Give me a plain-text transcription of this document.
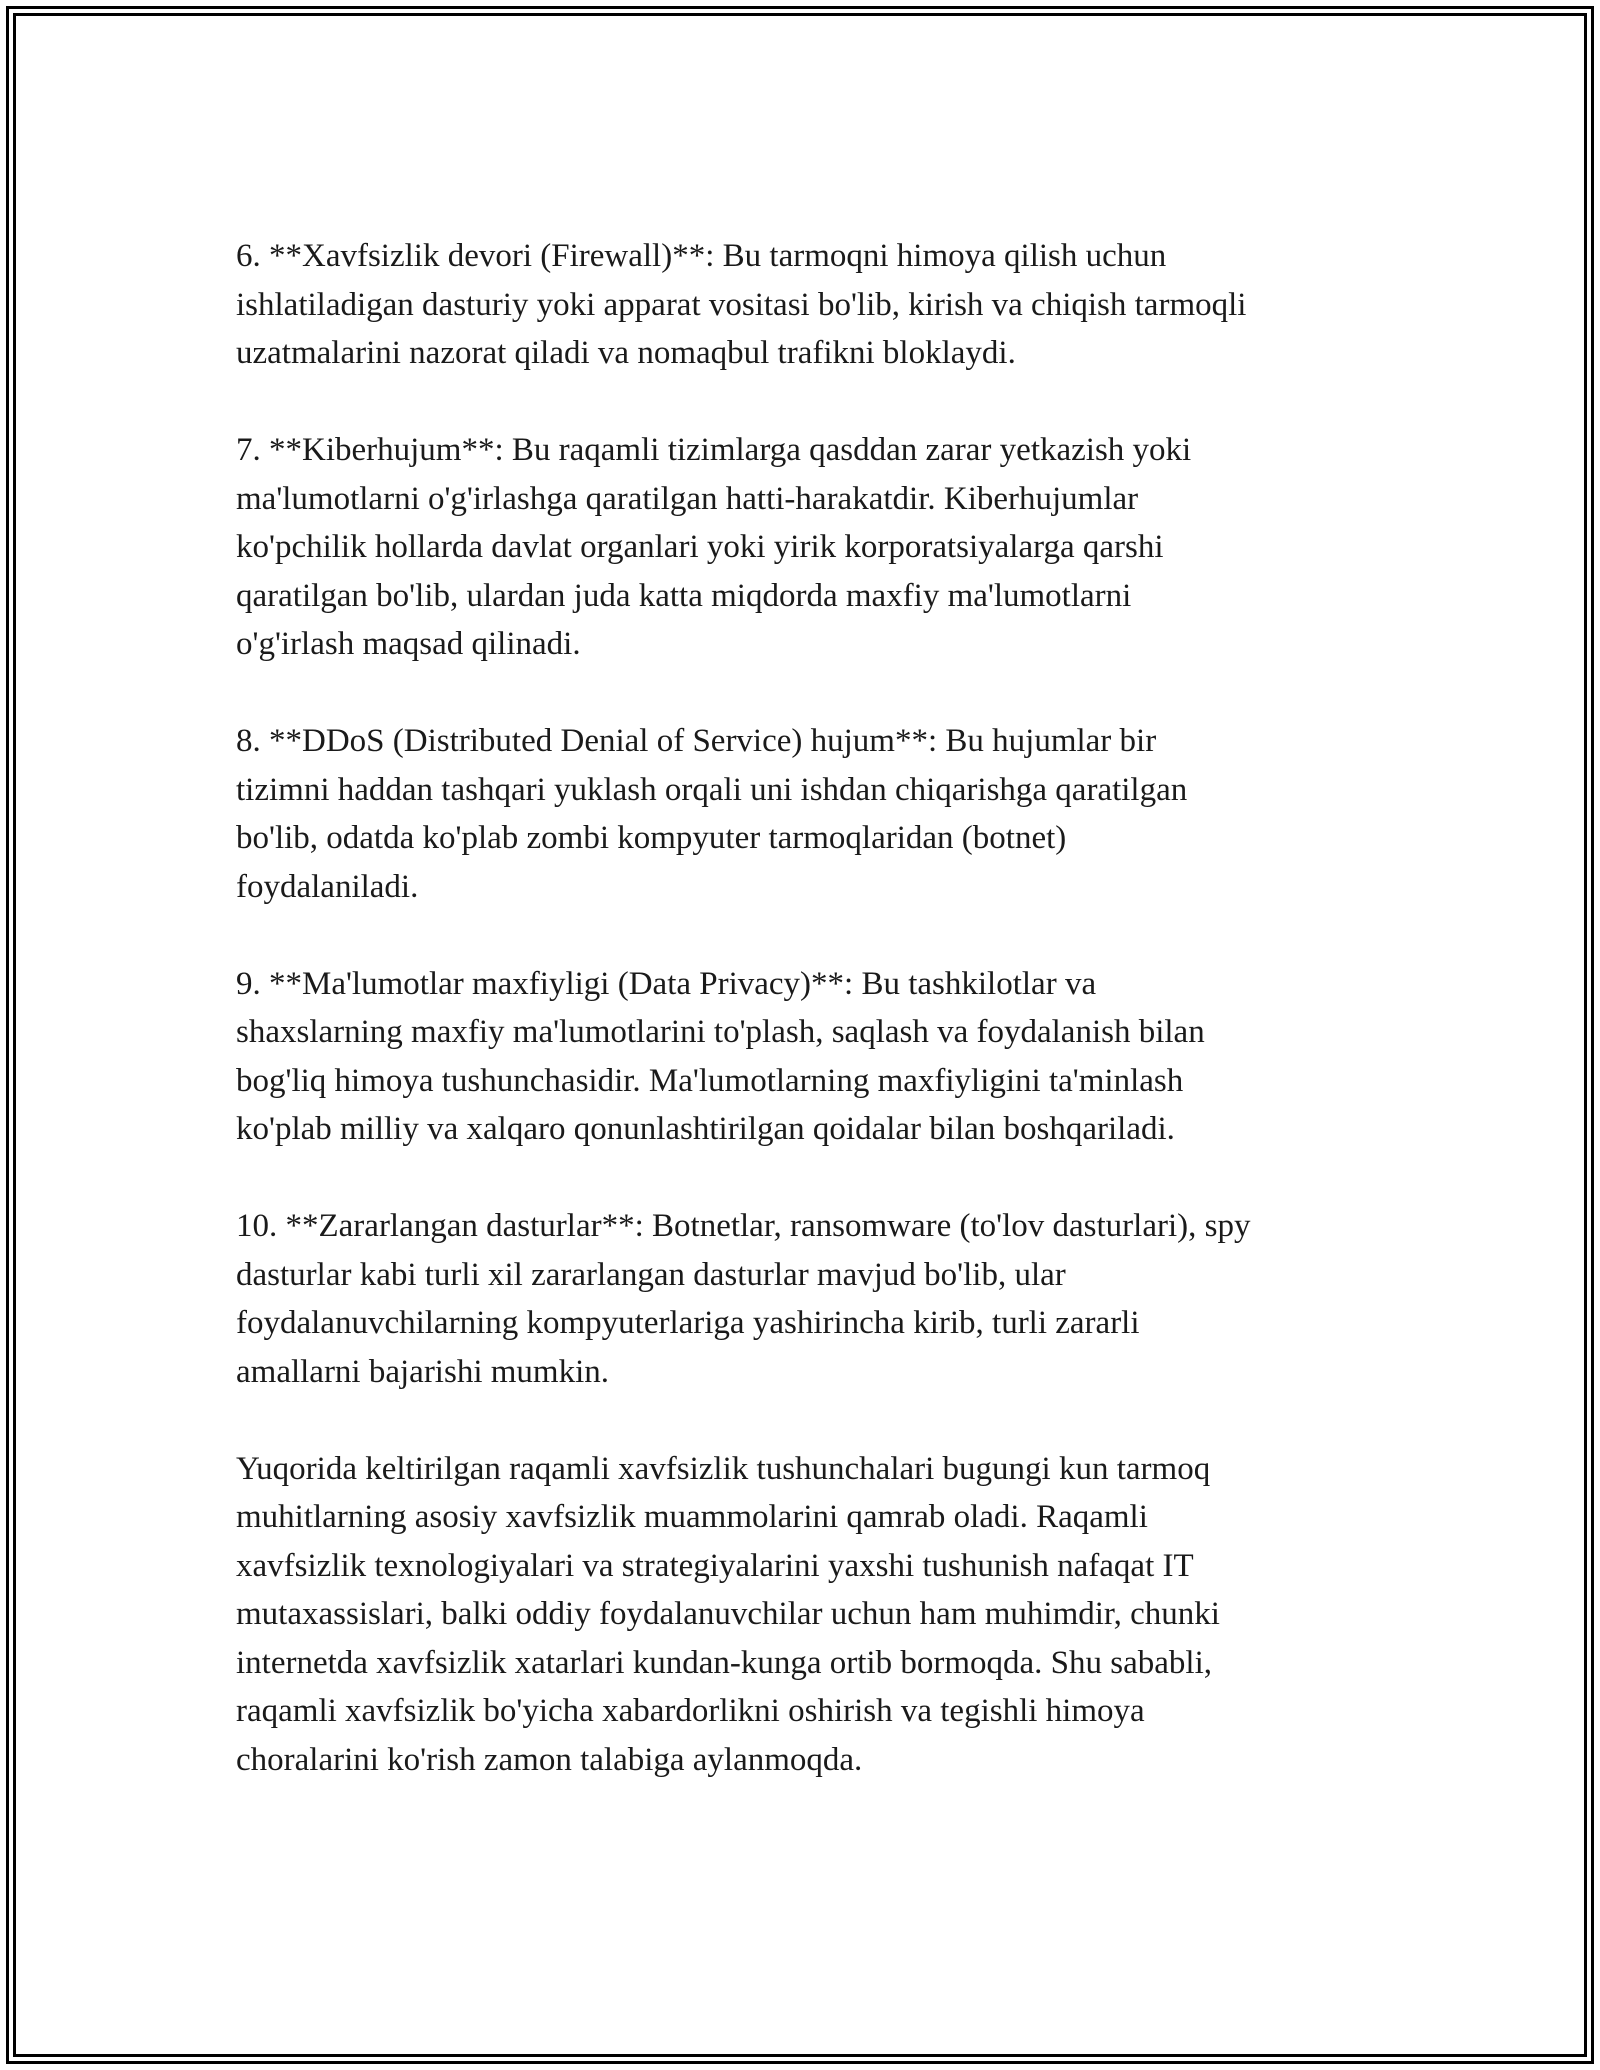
6. **Xavfsizlik devori (Firewall)**: Bu tarmoqni himoya qilish uchun
ishlatiladigan dasturiy yoki apparat vositasi bo'lib, kirish va chiqish tarmoqli
uzatmalarini nazorat qiladi va nomaqbul trafikni bloklaydi.

7. **Kiberhujum**: Bu raqamli tizimlarga qasddan zarar yetkazish yoki
ma'lumotlarni o'g'irlashga qaratilgan hatti-harakatdir. Kiberhujumlar
ko'pchilik hollarda davlat organlari yoki yirik korporatsiyalarga qarshi
qaratilgan bo'lib, ulardan juda katta miqdorda maxfiy ma'lumotlarni
o'g'irlash maqsad qilinadi.

8. **DDoS (Distributed Denial of Service) hujum**: Bu hujumlar bir
tizimni haddan tashqari yuklash orqali uni ishdan chiqarishga qaratilgan
bo'lib, odatda ko'plab zombi kompyuter tarmoqlaridan (botnet)
foydalaniladi.

9. **Ma'lumotlar maxfiyligi (Data Privacy)**: Bu tashkilotlar va
shaxslarning maxfiy ma'lumotlarini to'plash, saqlash va foydalanish bilan
bog'liq himoya tushunchasidir. Ma'lumotlarning maxfiyligini ta'minlash
ko'plab milliy va xalqaro qonunlashtirilgan qoidalar bilan boshqariladi.

10. **Zararlangan dasturlar**: Botnetlar, ransomware (to'lov dasturlari), spy
dasturlar kabi turli xil zararlangan dasturlar mavjud bo'lib, ular
foydalanuvchilarning kompyuterlariga yashirincha kirib, turli zararli
amallarni bajarishi mumkin.

Yuqorida keltirilgan raqamli xavfsizlik tushunchalari bugungi kun tarmoq
muhitlarning asosiy xavfsizlik muammolarini qamrab oladi. Raqamli
xavfsizlik texnologiyalari va strategiyalarini yaxshi tushunish nafaqat IT
mutaxassislari, balki oddiy foydalanuvchilar uchun ham muhimdir, chunki
internetda xavfsizlik xatarlari kundan-kunga ortib bormoqda. Shu sababli,
raqamli xavfsizlik bo'yicha xabardorlikni oshirish va tegishli himoya
choralarini ko'rish zamon talabiga aylanmoqda.
